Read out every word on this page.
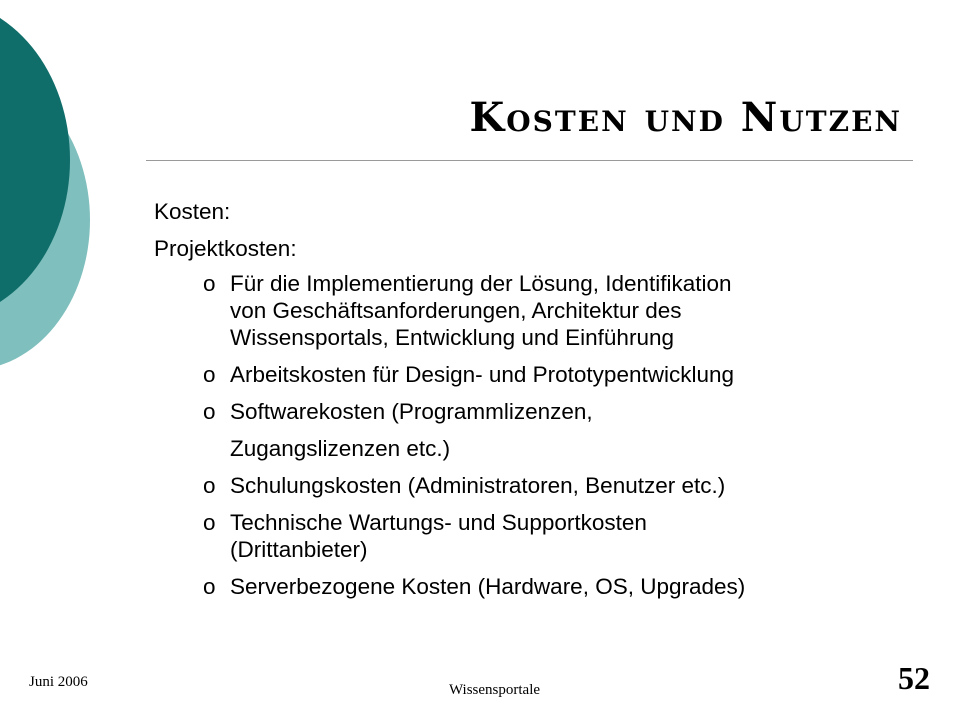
Kosten und Nutzen

Kosten:

Projektkosten:

o Für die Implementierung der Lösung, Identifikation
von Geschäftsanforderungen, Architektur des
Wissensportals, Entwicklung und Einführung
o Arbeitskosten für Design- und Prototypentwicklung
o Softwarekosten (Programmlizenzen,
Zugangslizenzen etc.)
o Schulungskosten (Administratoren, Benutzer etc.)
o Technische Wartungs- und Supportkosten
(Drittanbieter)
o Serverbezogene Kosten (Hardware, OS, Upgrades)
Juni 2006	Wissensportale	52
